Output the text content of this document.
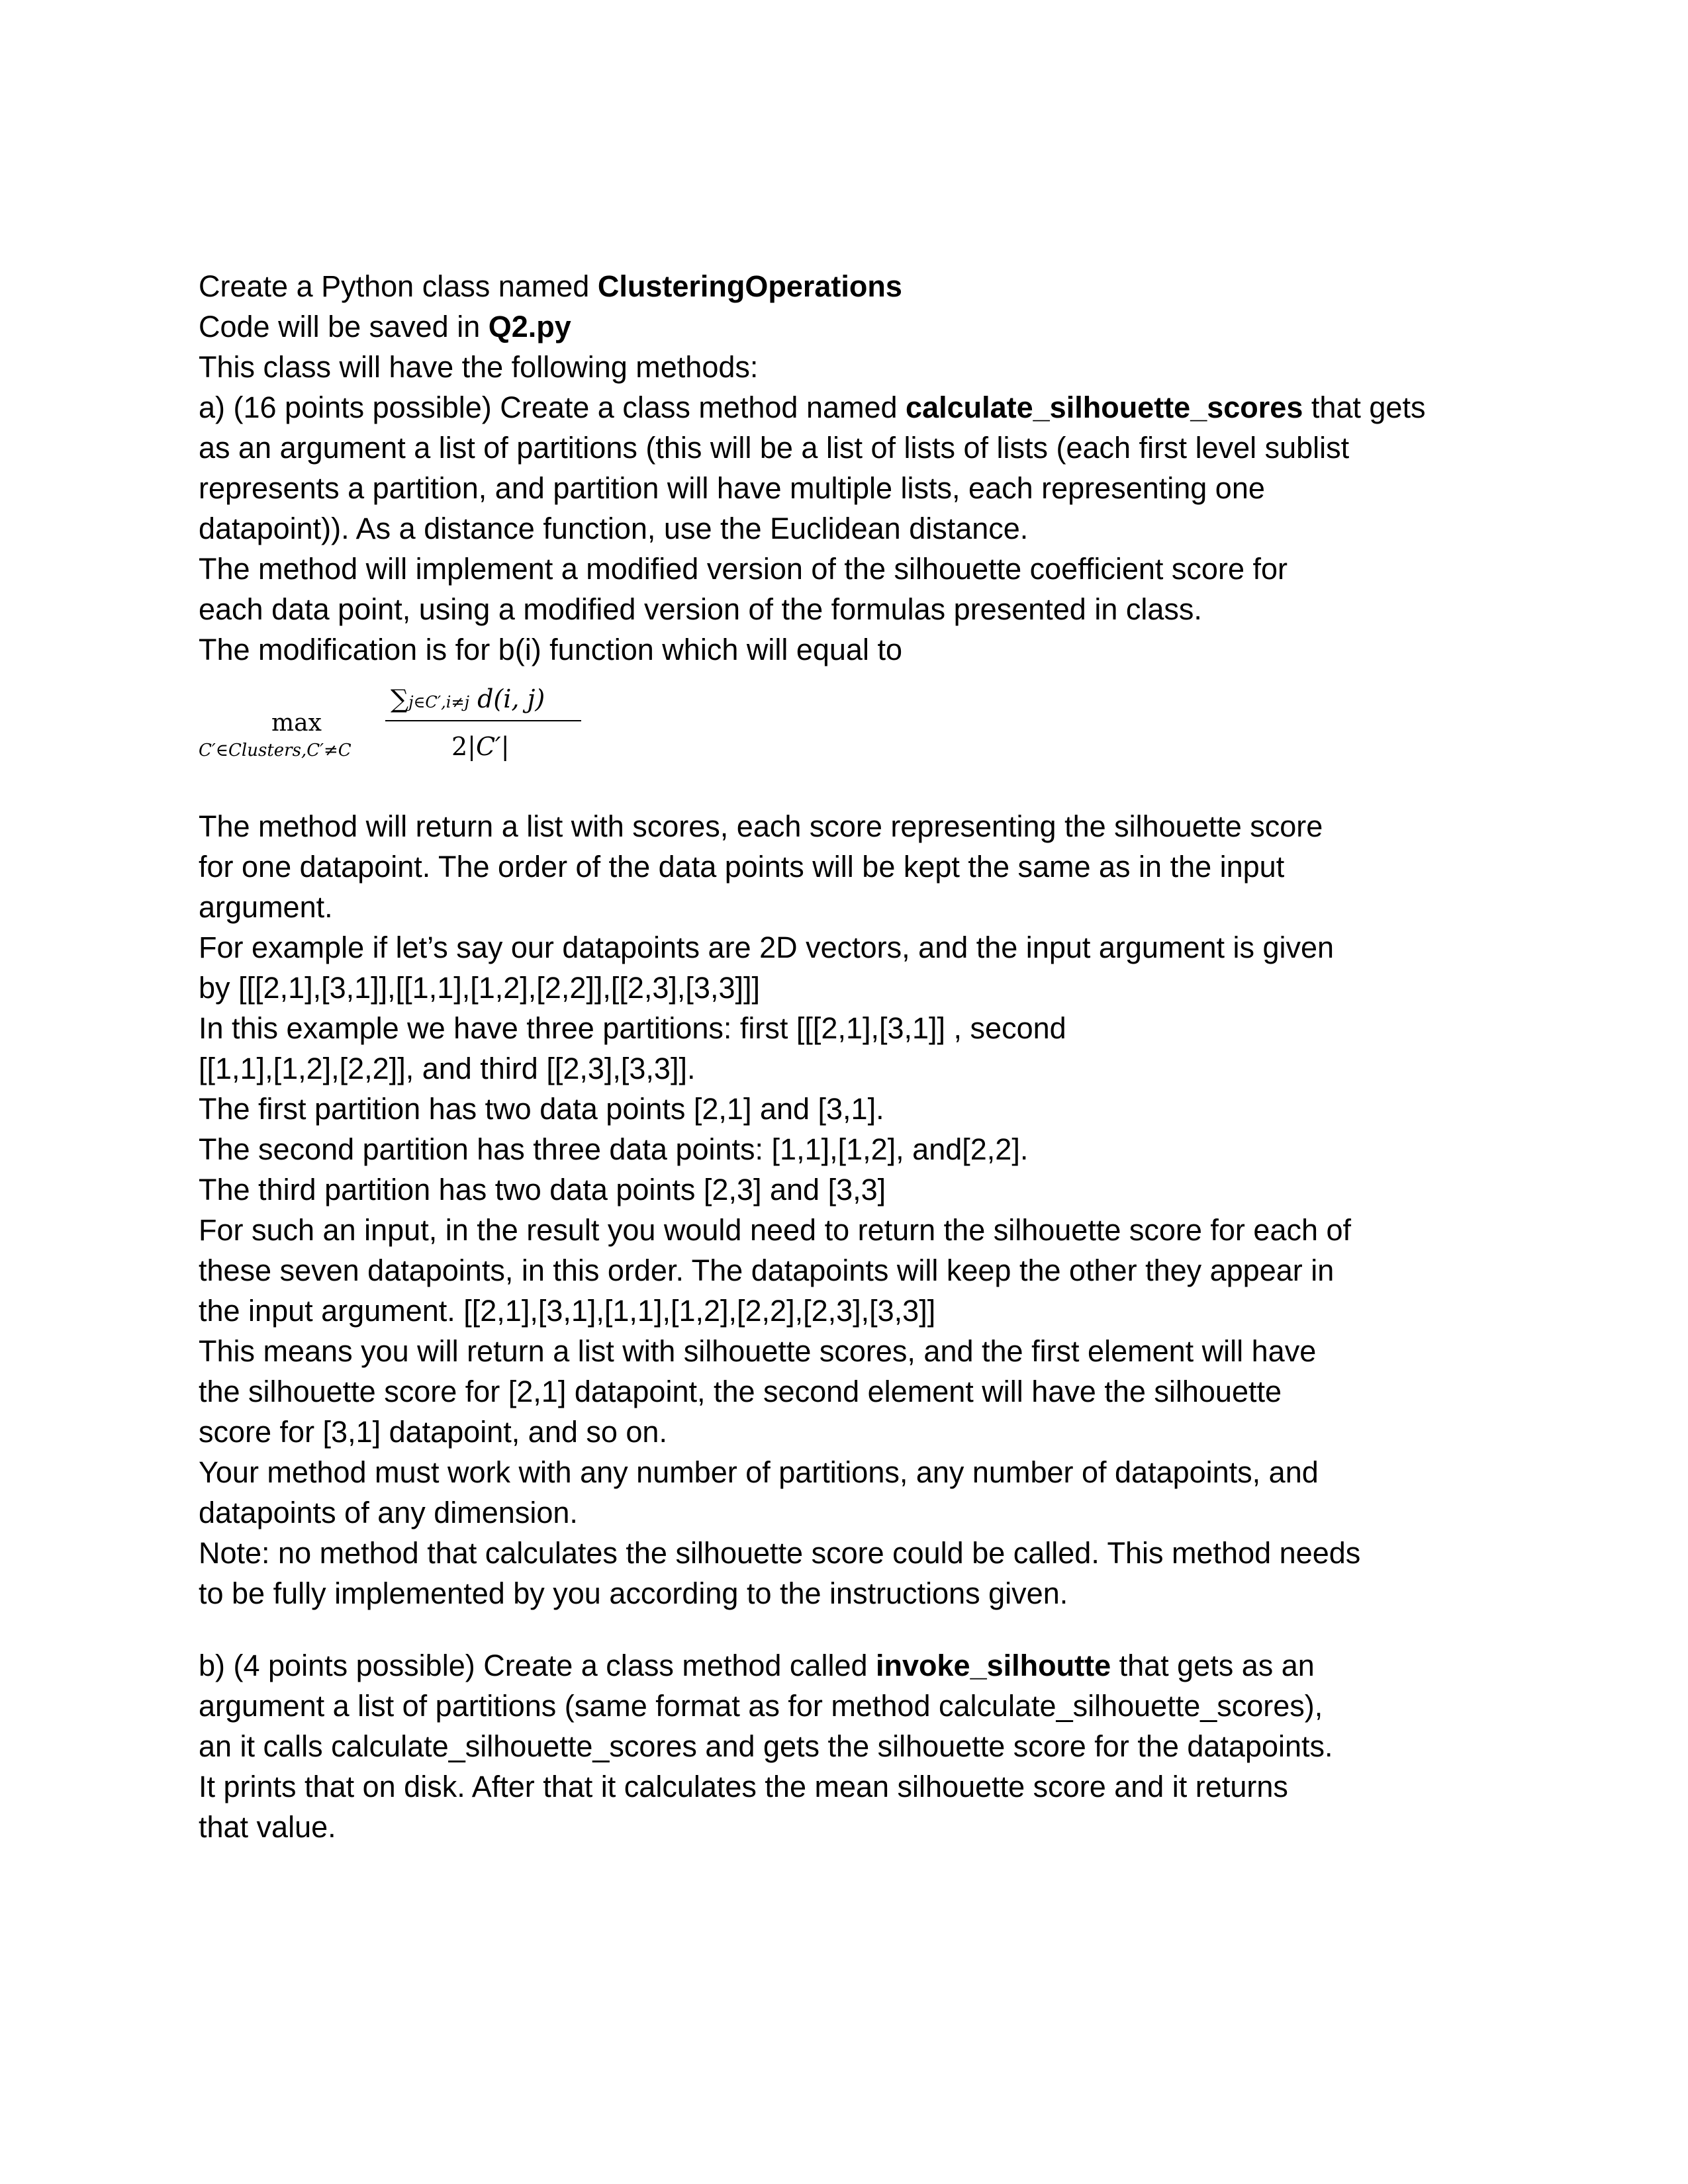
Create a Python class named ClusteringOperations
Code will be saved in Q2.py
This class will have the following methods:
a) (16 points possible) Create a class method named calculate_silhouette_scores that gets
as an argument a list of partitions (this will be a list of lists of lists (each first level sublist
represents a partition, and partition will have multiple lists, each representing one
datapoint)). As a distance function, use the Euclidean distance.
The method will implement a modified version of the silhouette coefficient score for
each data point, using a modified version of the formulas presented in class.
The modification is for b(i) function which will equal to
max
C′∈Clusters,C′≠C
∑j∈C′,i≠j d(i, j)
2|C′|
The method will return a list with scores, each score representing the silhouette score
for one datapoint. The order of the data points will be kept the same as in the input
argument.
For example if let’s say our datapoints are 2D vectors, and the input argument is given
by [[[2,1],[3,1]],[[1,1],[1,2],[2,2]],[[2,3],[3,3]]]
In this example we have three partitions: first [[[2,1],[3,1]] , second
[[1,1],[1,2],[2,2]], and third [[2,3],[3,3]].
The first partition has two data points [2,1] and [3,1].
The second partition has three data points: [1,1],[1,2], and[2,2].
The third partition has two data points [2,3] and [3,3]
For such an input, in the result you would need to return the silhouette score for each of
these seven datapoints, in this order. The datapoints will keep the other they appear in
the input argument. [[2,1],[3,1],[1,1],[1,2],[2,2],[2,3],[3,3]]
This means you will return a list with silhouette scores, and the first element will have
the silhouette score for [2,1] datapoint, the second element will have the silhouette
score for [3,1] datapoint, and so on.
Your method must work with any number of partitions, any number of datapoints, and
datapoints of any dimension.
Note: no method that calculates the silhouette score could be called. This method needs
to be fully implemented by you according to the instructions given.
b) (4 points possible) Create a class method called invoke_silhoutte that gets as an
argument a list of partitions (same format as for method calculate_silhouette_scores),
an it calls calculate_silhouette_scores and gets the silhouette score for the datapoints.
It prints that on disk. After that it calculates the mean silhouette score and it returns
that value.
